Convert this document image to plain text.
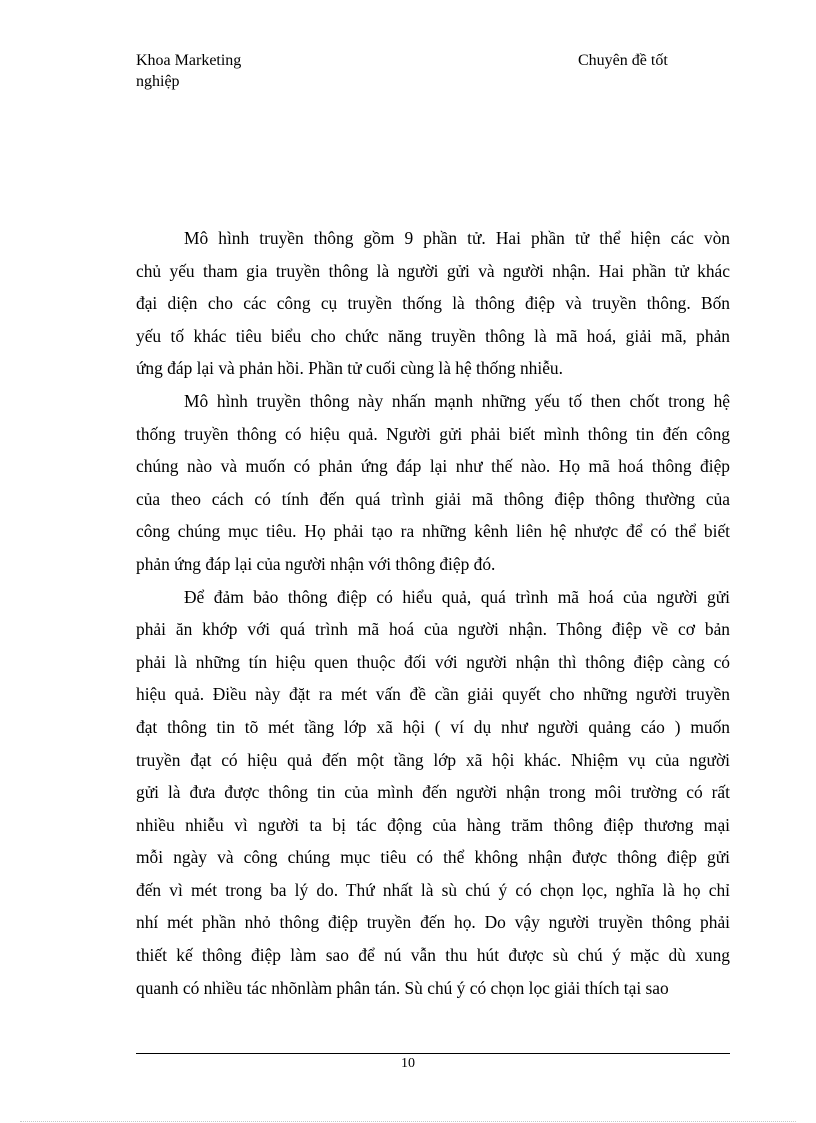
Khoa Marketing
nghiệp
Chuyên đề tốt
Mô hình truyền thông gồm 9 phần tử. Hai phần tử thể hiện các vòn
chủ yếu tham gia truyền thông là người gửi và người nhận. Hai phần tử khác
đại diện cho các công cụ truyền thống là thông điệp và truyền thông. Bốn
yếu tố khác tiêu biểu cho chức năng truyền thông là mã hoá, giải mã, phản
ứng đáp lại và phản hồi. Phần tử cuối cùng là hệ thống nhiễu.
Mô hình truyền thông này nhấn mạnh những yếu tố then chốt trong hệ
thống truyền thông có hiệu quả. Người gửi phải biết mình thông tin đến công
chúng nào và muốn có phản ứng đáp lại như thế nào. Họ mã hoá thông điệp
của theo cách có tính đến quá trình giải mã thông điệp thông thường của
công chúng mục tiêu. Họ phải tạo ra những kênh liên hệ nhược để có thể biết
phản ứng đáp lại của người nhận với thông điệp đó.
Để đảm bảo thông điệp có hiểu quả, quá trình mã hoá của người gửi
phải ăn khớp với quá trình mã hoá của người nhận. Thông điệp về cơ bản
phải là những tín hiệu quen thuộc đối với người nhận thì thông điệp càng có
hiệu quả. Điều này đặt ra mét vấn đề cần giải quyết cho những người truyền
đạt thông tin tõ mét tầng lớp xã hội ( ví dụ như người quảng cáo ) muốn
truyền đạt có hiệu quả đến một tầng lớp xã hội khác. Nhiệm vụ của người
gửi là đưa được thông tin của mình đến người nhận trong môi trường có rất
nhiều nhiễu vì người ta bị tác động của hàng trăm thông điệp thương mại
mỗi ngày và công chúng mục tiêu có thể không nhận được thông điệp gửi
đến vì mét trong ba lý do. Thứ nhất là sù chú ý có chọn lọc, nghĩa là họ chỉ
nhí mét phần nhỏ thông điệp truyền đến họ. Do vậy người truyền thông phải
thiết kế thông điệp làm sao để nú vẫn thu hút được sù chú ý mặc dù xung
quanh có nhiều tác nhõnlàm phân tán. Sù chú ý có chọn lọc giải thích tại sao
10
